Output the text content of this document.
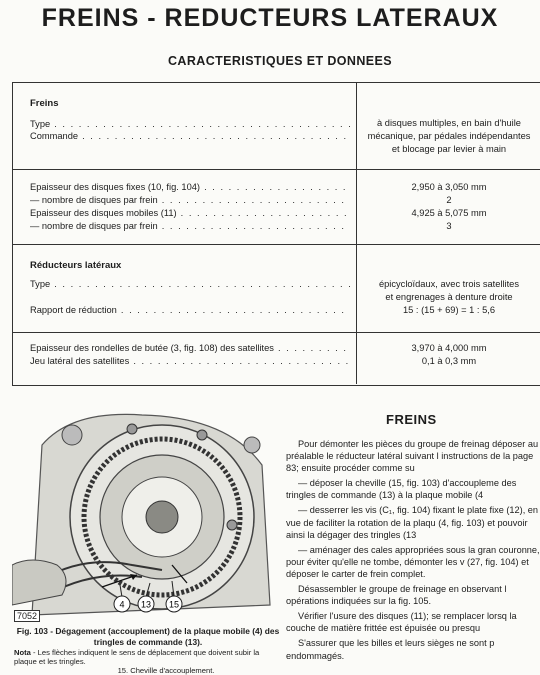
FREINS - REDUCTEURS LATERAUX
CARACTERISTIQUES ET DONNEES
Freins
Type . . .
Commande . . .
à disques multiples, en bain d'huile
mécanique, par pédales indépendantes
et blocage par levier à main
Epaisseur des disques fixes (10, fig. 104) . . .
— nombre de disques par frein . . .
Epaisseur des disques mobiles (11) . . .
— nombre de disques par frein . . .
2,950 à 3,050 mm
2
4,925 à 5,075 mm
3
Réducteurs latéraux
Type . . .
Rapport de réduction . . .
épicycloïdaux, avec trois satellites
et engrenages à denture droite
15 : (15 + 69) = 1 : 5,6
Epaisseur des rondelles de butée (3, fig. 108) des satellites . . .
Jeu latéral des satellites . . .
3,970 à 4,000 mm
0,1 à 0,3 mm
4 13 15
7052
Fig. 103 - Dégagement (accouplement) de la plaque mobile (4) des tringles de commande (13).
Nota - Les flèches indiquent le sens de déplacement que doivent subir la plaque et les tringles.
15. Cheville d'accouplement.
FREINS

Pour démonter les pièces du groupe de freinag déposer au préalable le réducteur latéral suivant l instructions de la page 83; ensuite procéder comme su

— déposer la cheville (15, fig. 103) d'accoupleme des tringles de commande (13) à la plaque mobile (4

— desserrer les vis (C₁, fig. 104) fixant le plate fixe (12), en vue de faciliter la rotation de la plaqu (4, fig. 103) et pouvoir ainsi la dégager des tringles (13

— aménager des cales appropriées sous la gran couronne, pour éviter qu'elle ne tombe, démonter les v (27, fig. 104) et déposer le carter de frein complet.

Désassembler le groupe de freinage en observant l opérations indiquées sur la fig. 105.

Vérifier l'usure des disques (11); se remplacer lorsq la couche de matière frittée est épuisée ou presqu

S'assurer que les billes et leurs sièges ne sont p endommagés.
